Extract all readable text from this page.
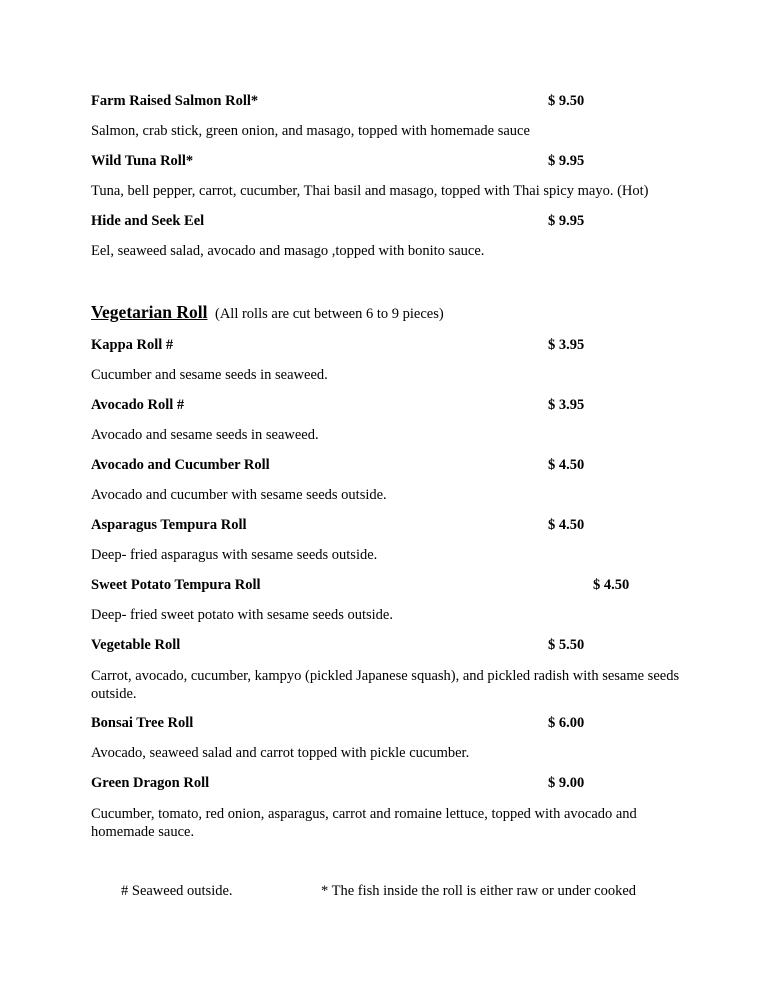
Farm Raised Salmon Roll*	$ 9.50
Salmon, crab stick, green onion, and masago, topped with homemade sauce
Wild Tuna Roll*	$ 9.95
Tuna, bell pepper, carrot, cucumber, Thai basil and masago, topped with Thai spicy mayo. (Hot)
Hide and Seek Eel	$ 9.95
Eel, seaweed salad, avocado and masago ,topped with bonito sauce.
Vegetarian Roll (All rolls are cut between 6 to 9 pieces)
Kappa Roll #	$ 3.95
Cucumber and sesame seeds in seaweed.
Avocado Roll #	$ 3.95
Avocado and sesame seeds in seaweed.
Avocado and Cucumber Roll	$ 4.50
Avocado and cucumber with sesame seeds outside.
Asparagus Tempura Roll	$ 4.50
Deep- fried asparagus with sesame seeds outside.
Sweet Potato Tempura Roll	$ 4.50
Deep- fried sweet potato with sesame seeds outside.
Vegetable Roll	$ 5.50
Carrot, avocado, cucumber, kampyo (pickled Japanese squash), and pickled radish with sesame seeds outside.
Bonsai Tree Roll	$ 6.00
Avocado, seaweed salad and carrot topped with pickle cucumber.
Green Dragon Roll	$ 9.00
Cucumber, tomato, red onion, asparagus, carrot and romaine lettuce, topped with avocado and homemade sauce.
# Seaweed outside.	* The fish inside the roll is either raw or under cooked
